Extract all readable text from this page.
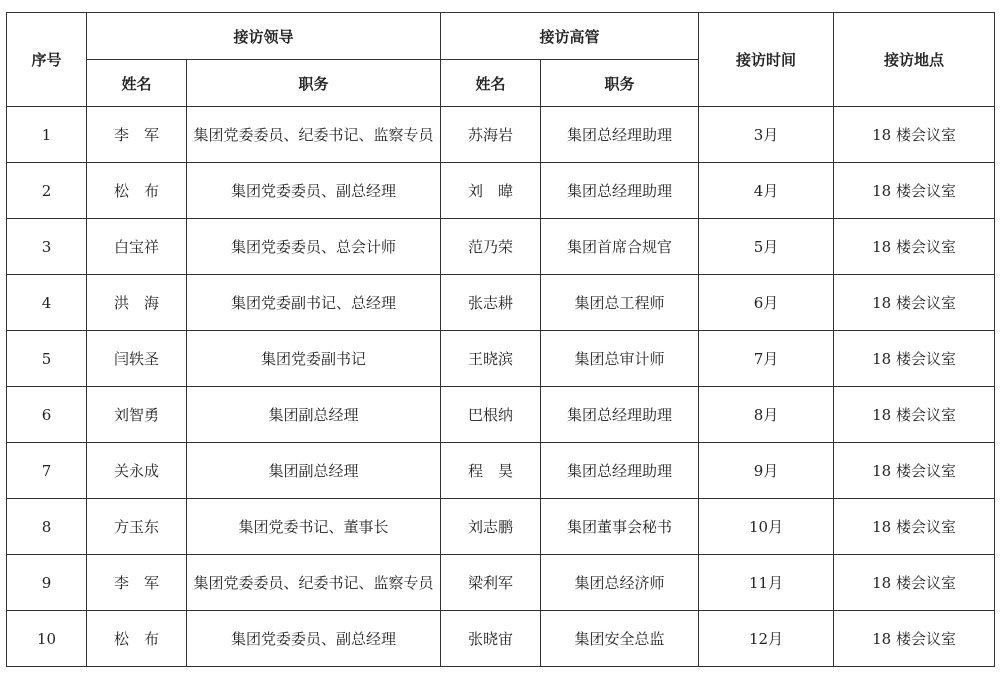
序号	接访领导		接访高管		接访时间	接访地点
	姓名	职务	姓名	职务		
1	李　军	集团党委委员、纪委书记、监察专员	苏海岩	集团总经理助理	3月	18 楼会议室
2	松　布	集团党委委员、副总经理	刘　暐	集团总经理助理	4月	18 楼会议室
3	白宝祥	集团党委委员、总会计师	范乃荣	集团首席合规官	5月	18 楼会议室
4	洪　海	集团党委副书记、总经理	张志耕	集团总工程师	6月	18 楼会议室
5	闫轶圣	集团党委副书记	王晓滨	集团总审计师	7月	18 楼会议室
6	刘智勇	集团副总经理	巴根纳	集团总经理助理	8月	18 楼会议室
7	关永成	集团副总经理	程　昊	集团总经理助理	9月	18 楼会议室
8	方玉东	集团党委书记、董事长	刘志鹏	集团董事会秘书	10月	18 楼会议室
9	李　军	集团党委委员、纪委书记、监察专员	梁利军	集团总经济师	11月	18 楼会议室
10	松　布	集团党委委员、副总经理	张晓宙	集团安全总监	12月	18 楼会议室
